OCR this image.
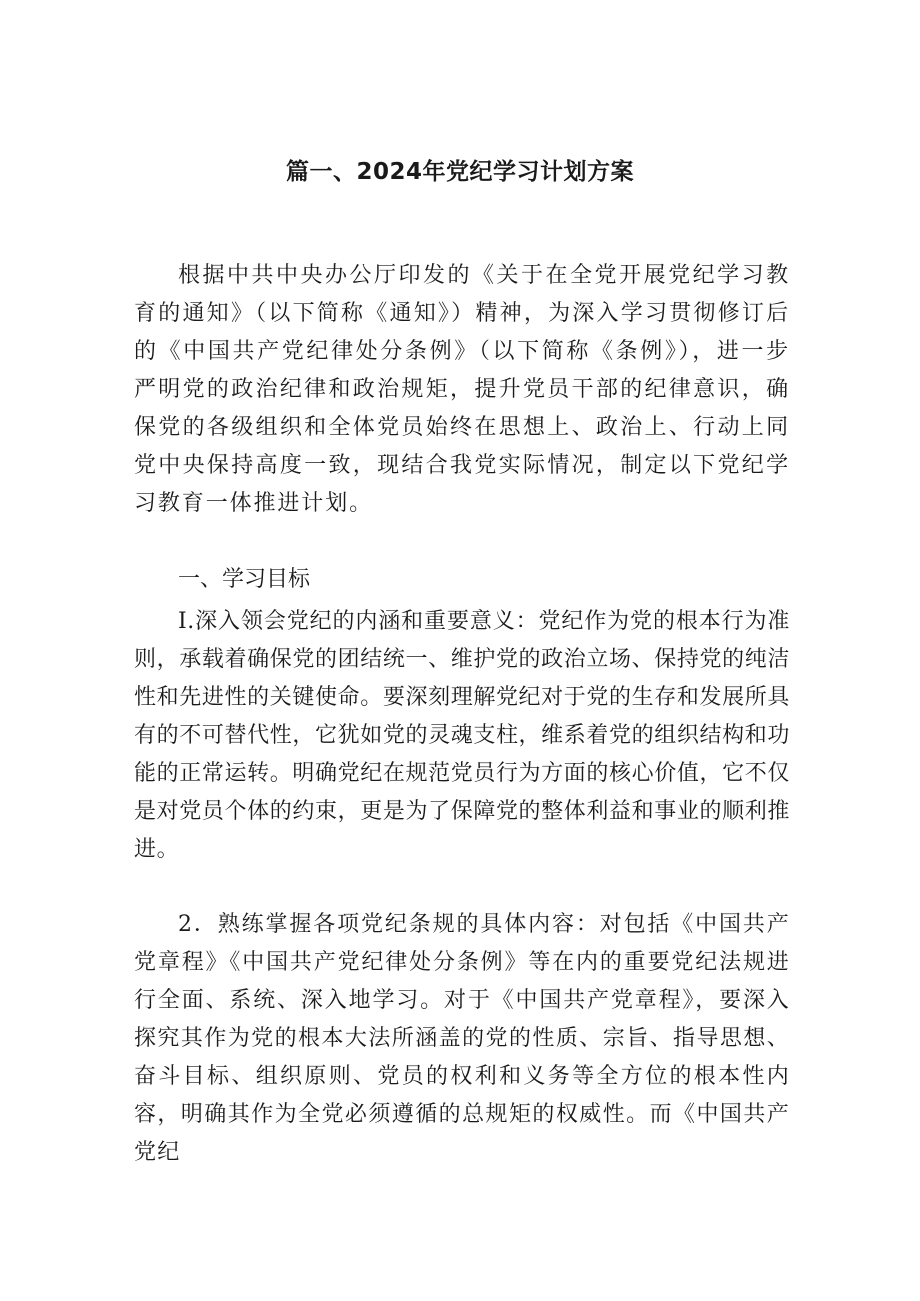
篇一、2024年党纪学习计划方案

根据中共中央办公厅印发的《关于在全党开展党纪学习教育的通知》（以下简称《通知》）精神，为深入学习贯彻修订后的《中国共产党纪律处分条例》（以下简称《条例》），进一步严明党的政治纪律和政治规矩，提升党员干部的纪律意识，确保党的各级组织和全体党员始终在思想上、政治上、行动上同党中央保持高度一致，现结合我党实际情况，制定以下党纪学习教育一体推进计划。

一、学习目标

I.深入领会党纪的内涵和重要意义：党纪作为党的根本行为准则，承载着确保党的团结统一、维护党的政治立场、保持党的纯洁性和先进性的关键使命。要深刻理解党纪对于党的生存和发展所具有的不可替代性，它犹如党的灵魂支柱，维系着党的组织结构和功能的正常运转。明确党纪在规范党员行为方面的核心价值，它不仅是对党员个体的约束，更是为了保障党的整体利益和事业的顺利推进。

2．熟练掌握各项党纪条规的具体内容：对包括《中国共产党章程》《中国共产党纪律处分条例》等在内的重要党纪法规进行全面、系统、深入地学习。对于《中国共产党章程》，要深入探究其作为党的根本大法所涵盖的党的性质、宗旨、指导思想、奋斗目标、组织原则、党员的权利和义务等全方位的根本性内容，明确其作为全党必须遵循的总规矩的权威性。而《中国共产党纪
